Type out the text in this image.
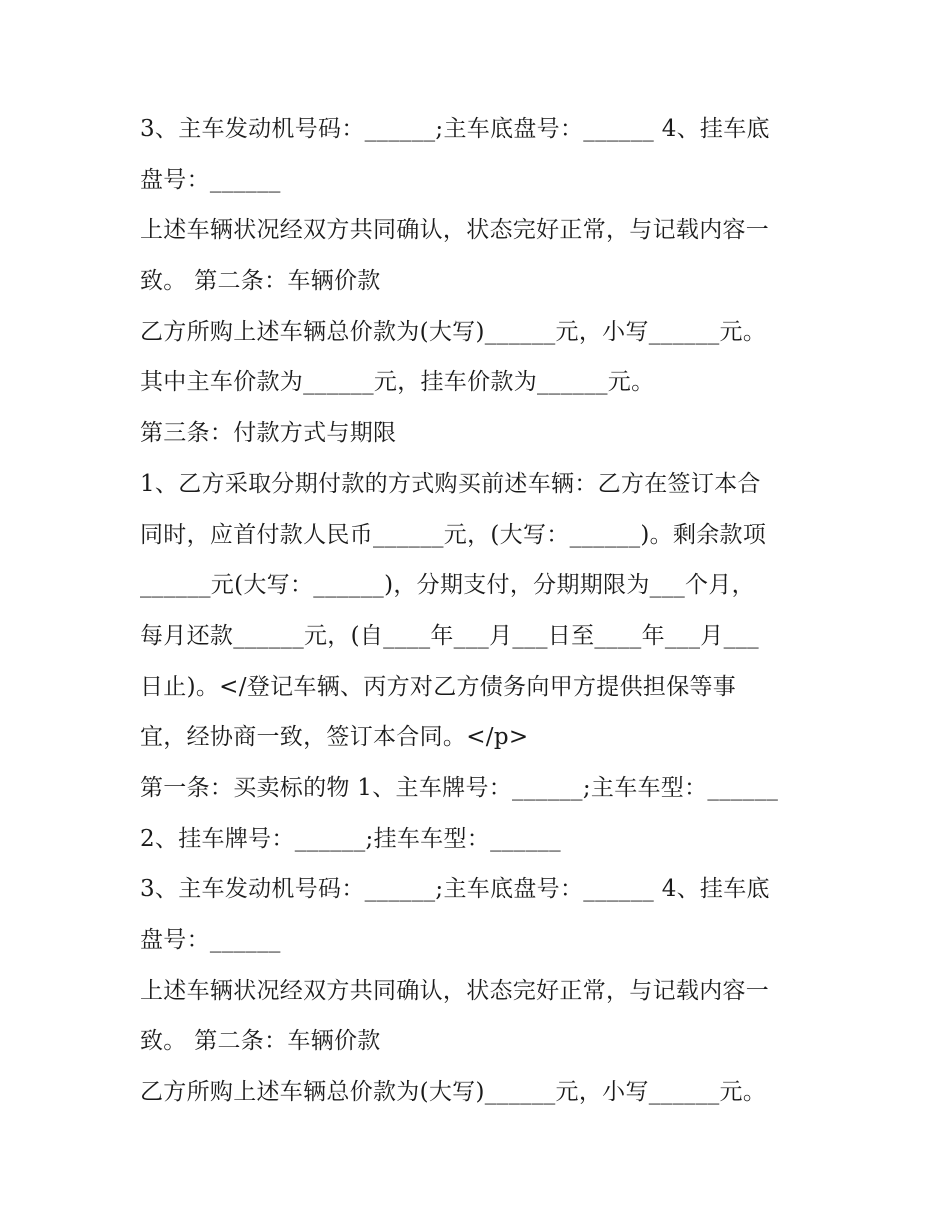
3、主车发动机号码：______;主车底盘号：______ 4、挂车底
盘号：______
上述车辆状况经双方共同确认，状态完好正常，与记载内容一
致。 第二条：车辆价款
乙方所购上述车辆总价款为(大写)______元，小写______元。
其中主车价款为______元，挂车价款为______元。
第三条：付款方式与期限
1、乙方采取分期付款的方式购买前述车辆：乙方在签订本合
同时，应首付款人民币______元，(大写：______)。剩余款项
______元(大写：______)，分期支付，分期期限为___个月，
每月还款______元，(自____年___月___日至____年___月___
日止)。</登记车辆、丙方对乙方债务向甲方提供担保等事
宜，经协商一致，签订本合同。</p>
第一条：买卖标的物 1、主车牌号：______;主车车型：______
2、挂车牌号：______;挂车车型：______
3、主车发动机号码：______;主车底盘号：______ 4、挂车底
盘号：______
上述车辆状况经双方共同确认，状态完好正常，与记载内容一
致。 第二条：车辆价款
乙方所购上述车辆总价款为(大写)______元，小写______元。
